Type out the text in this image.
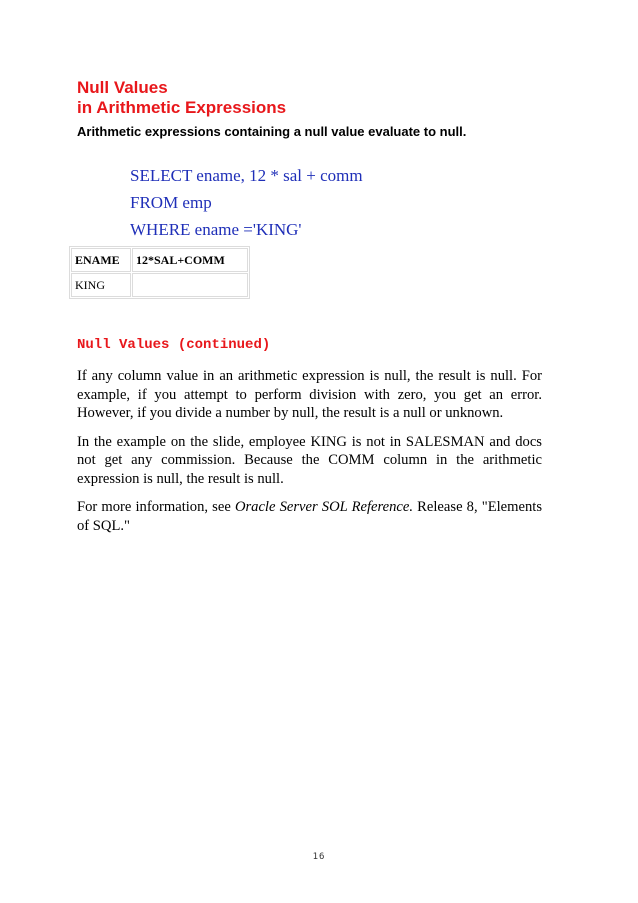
Null Values
in Arithmetic Expressions

Arithmetic expressions containing a null value evaluate to null.

SELECT ename, 12 * sal + comm
FROM emp
WHERE ename ='KING'
ENAME	12*SAL+COMM
KING	
Null Values (continued)

If any column value in an arithmetic expression is null, the result is null. For example, if you attempt to perform division with zero, you get an error. However, if you divide a number by null, the result is a null or unknown.

In the example on the slide, employee KING is not in SALESMAN and docs not get any commission. Because the COMM column in the arithmetic expression is null, the result is null.

For more information, see Oracle Server SOL Reference. Release 8, "Elements of SQL."

16
